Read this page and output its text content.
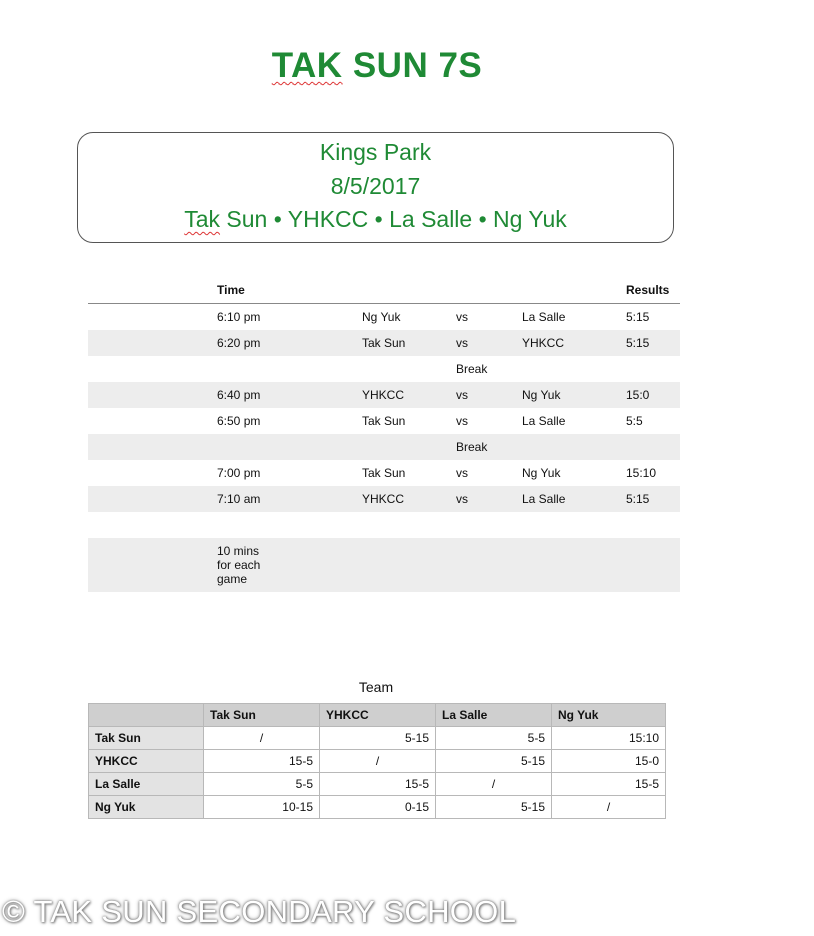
TAK SUN 7S
Kings Park
8/5/2017
Tak Sun • YHKCC • La Salle • Ng Yuk
Time	Results
6:10 pm	Ng Yuk	vs	La Salle	5:15
6:20 pm	Tak Sun	vs	YHKCC	5:15
Break
6:40 pm	YHKCC	vs	Ng Yuk	15:0
6:50 pm	Tak Sun	vs	La Salle	5:5
Break
7:00 pm	Tak Sun	vs	Ng Yuk	15:10
7:10 am	YHKCC	vs	La Salle	5:15
10 mins for each game
Team
	Tak Sun	YHKCC	La Salle	Ng Yuk
Tak Sun	/	5-15	5-5	15:10
YHKCC	15-5	/	5-15	15-0
La Salle	5-5	15-5	/	15-5
Ng Yuk	10-15	0-15	5-15	/
© TAK SUN SECONDARY SCHOOL
